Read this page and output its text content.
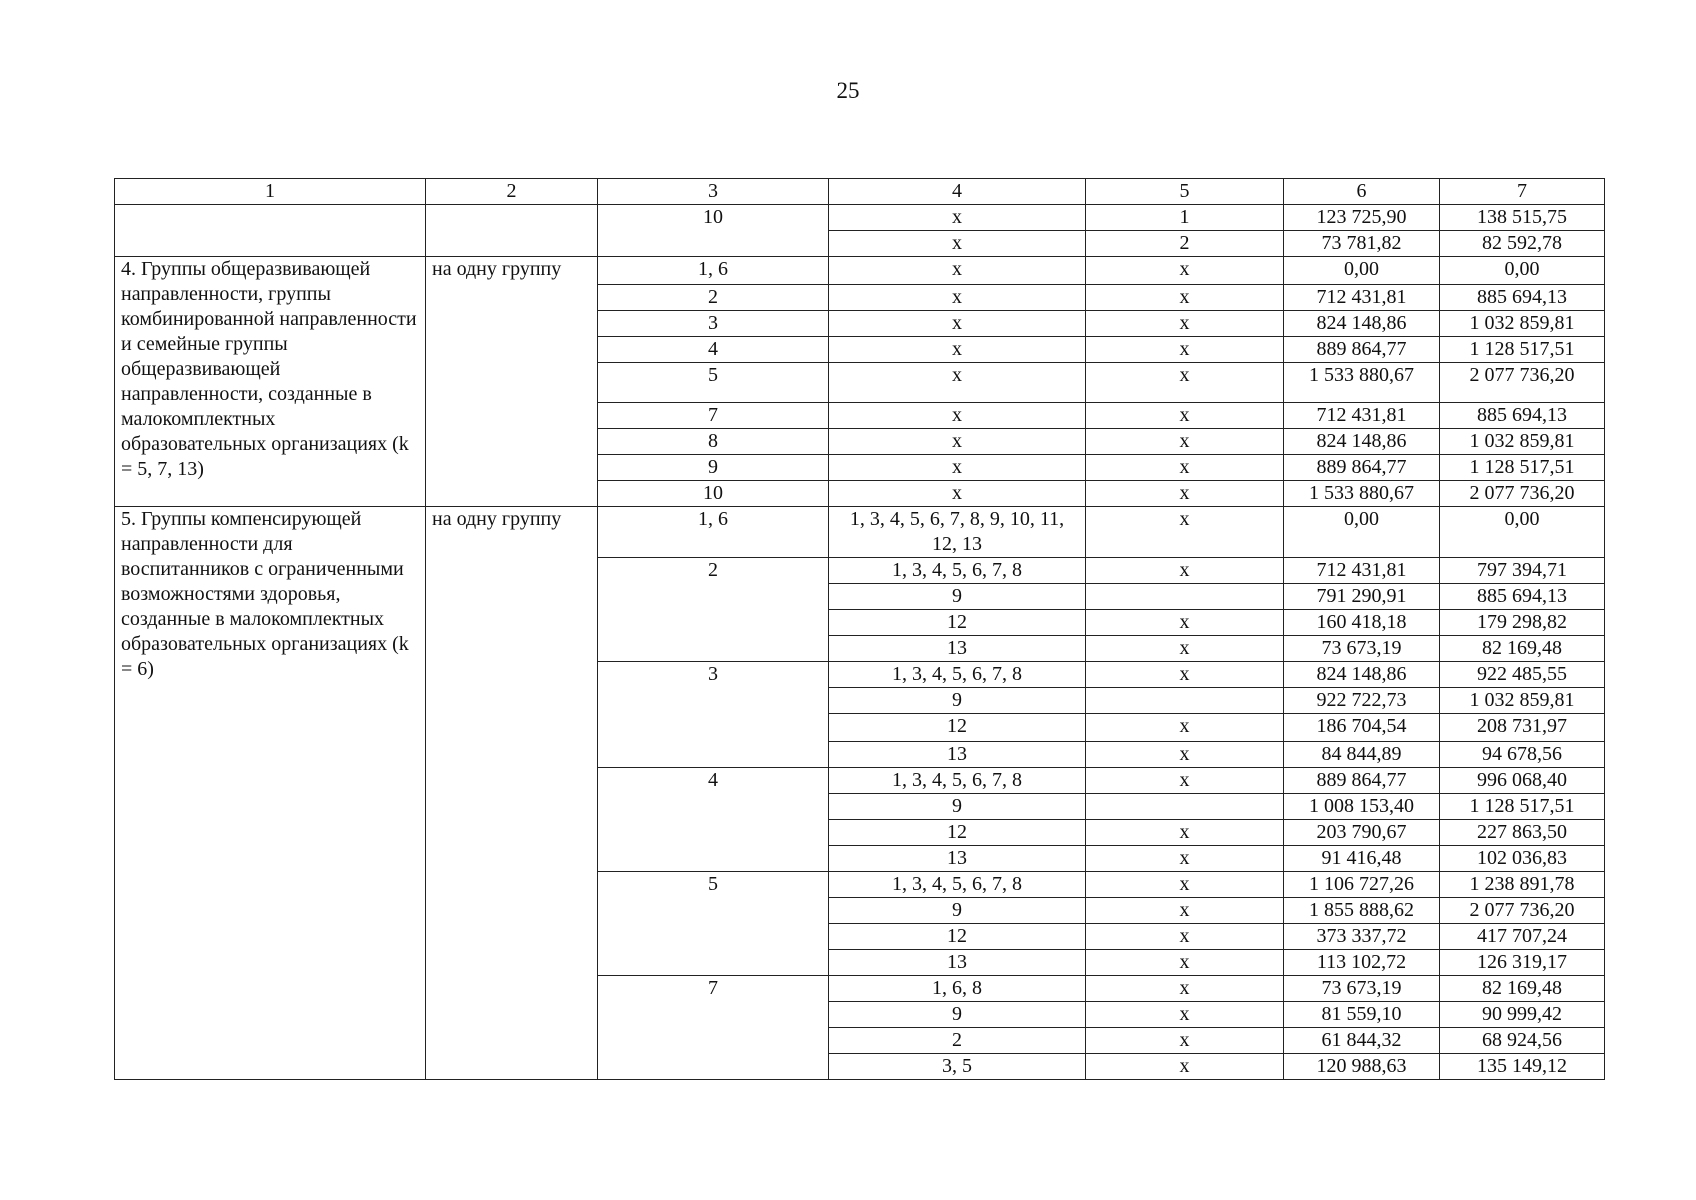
25
1	2	3	4	5	6	7
		10	x	1	123 725,90	138 515,75
			x	2	73 781,82	82 592,78
4. Группы общеразвивающей направленности, группы комбинированной направленности и семейные группы общеразвивающей направленности, созданные в малокомплектных образовательных организациях (k = 5, 7, 13)	на одну группу	1, 6	x	x	0,00	0,00
		2	x	x	712 431,81	885 694,13
		3	x	x	824 148,86	1 032 859,81
		4	x	x	889 864,77	1 128 517,51
		5	x	x	1 533 880,67	2 077 736,20
		7	x	x	712 431,81	885 694,13
		8	x	x	824 148,86	1 032 859,81
		9	x	x	889 864,77	1 128 517,51
		10	x	x	1 533 880,67	2 077 736,20
5. Группы компенсирующей направленности для воспитанников с ограниченными возможностями здоровья, созданные в малокомплектных образовательных организациях (k = 6)	на одну группу	1, 6	1, 3, 4, 5, 6, 7, 8, 9, 10, 11, 12, 13	x	0,00	0,00
		2	1, 3, 4, 5, 6, 7, 8	x	712 431,81	797 394,71
			9		791 290,91	885 694,13
			12	x	160 418,18	179 298,82
			13	x	73 673,19	82 169,48
		3	1, 3, 4, 5, 6, 7, 8	x	824 148,86	922 485,55
			9		922 722,73	1 032 859,81
			12	x	186 704,54	208 731,97
			13	x	84 844,89	94 678,56
		4	1, 3, 4, 5, 6, 7, 8	x	889 864,77	996 068,40
			9		1 008 153,40	1 128 517,51
			12	x	203 790,67	227 863,50
			13	x	91 416,48	102 036,83
		5	1, 3, 4, 5, 6, 7, 8	x	1 106 727,26	1 238 891,78
			9	x	1 855 888,62	2 077 736,20
			12	x	373 337,72	417 707,24
			13	x	113 102,72	126 319,17
		7	1, 6, 8	x	73 673,19	82 169,48
			9	x	81 559,10	90 999,42
			2	x	61 844,32	68 924,56
			3, 5	x	120 988,63	135 149,12
